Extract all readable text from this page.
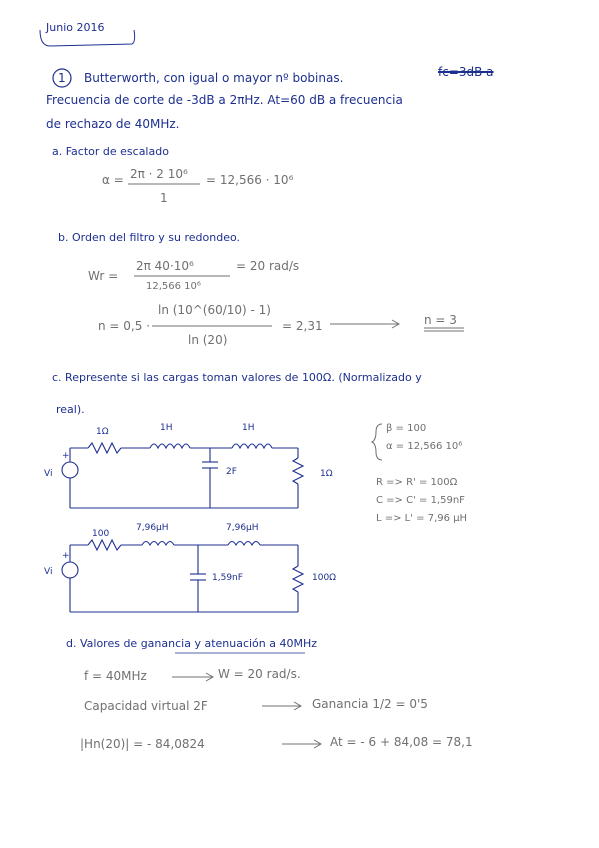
Junio 2016
+
+
1 Butterworth, con igual o mayor nº bobinas.	fc=3dB a
Frecuencia de corte de -3dB a 2πHz. At=60 dB a frecuencia
de rechazo de 40MHz.
a. Factor de escalado
α = 2π · 2 10⁶ = 12,566 · 10⁶
1
b. Orden del filtro y su redondeo.
Wr =
2π 40·10⁶
12,566 10⁶
= 20 rad/s
n = 0,5 ·
ln (10^(60/10) - 1)
ln (20)
= 2,31	n = 3
c. Represente si las cargas toman valores de 100Ω. (Normalizado y
real).
1Ω	1H	1H
2F	1Ω
Vi
100
7,96μH	7,96μH
1,59nF	100Ω
Vi
β = 100
α = 12,566 10⁶
R => R' = 100Ω
C => C' = 1,59nF
L => L' = 7,96 μH
d. Valores de ganancia y atenuación a 40MHz
f = 40MHz	W = 20 rad/s.
Capacidad virtual 2F	Ganancia 1/2 = 0'5
|Hn(20)| = - 84,0824	At = - 6 + 84,08 = 78,1
